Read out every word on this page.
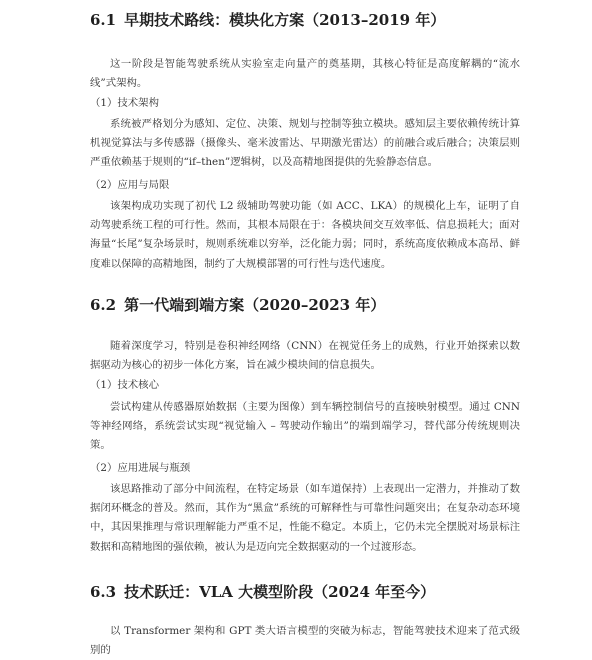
6.1 早期技术路线：模块化方案（2013–2019 年）

这一阶段是智能驾驶系统从实验室走向量产的奠基期，其核心特征是高度解耦的“流水线”式架构。

（1）技术架构

系统被严格划分为感知、定位、决策、规划与控制等独立模块。感知层主要依赖传统计算机视觉算法与多传感器（摄像头、毫米波雷达、早期激光雷达）的前融合或后融合；决策层则严重依赖基于规则的“if–then”逻辑树，以及高精地图提供的先验静态信息。

（2）应用与局限

该架构成功实现了初代 L2 级辅助驾驶功能（如 ACC、LKA）的规模化上车，证明了自动驾驶系统工程的可行性。然而，其根本局限在于：各模块间交互效率低、信息损耗大；面对海量“长尾”复杂场景时，规则系统难以穷举，泛化能力弱；同时，系统高度依赖成本高昂、鲜度难以保障的高精地图，制约了大规模部署的可行性与迭代速度。

6.2 第一代端到端方案（2020–2023 年）

随着深度学习，特别是卷积神经网络（CNN）在视觉任务上的成熟，行业开始探索以数据驱动为核心的初步一体化方案，旨在减少模块间的信息损失。

（1）技术核心

尝试构建从传感器原始数据（主要为图像）到车辆控制信号的直接映射模型。通过 CNN 等神经网络，系统尝试实现“视觉输入 – 驾驶动作输出”的端到端学习，替代部分传统规则决策。

（2）应用进展与瓶颈

该思路推动了部分中间流程，在特定场景（如车道保持）上表现出一定潜力，并推动了数据闭环概念的普及。然而，其作为“黑盒”系统的可解释性与可靠性问题突出；在复杂动态环境中，其因果推理与常识理解能力严重不足，性能不稳定。本质上，它仍未完全摆脱对场景标注数据和高精地图的强依赖，被认为是迈向完全数据驱动的一个过渡形态。

6.3 技术跃迁：VLA 大模型阶段（2024 年至今）

以 Transformer 架构和 GPT 类大语言模型的突破为标志，智能驾驶技术迎来了范式级别的
